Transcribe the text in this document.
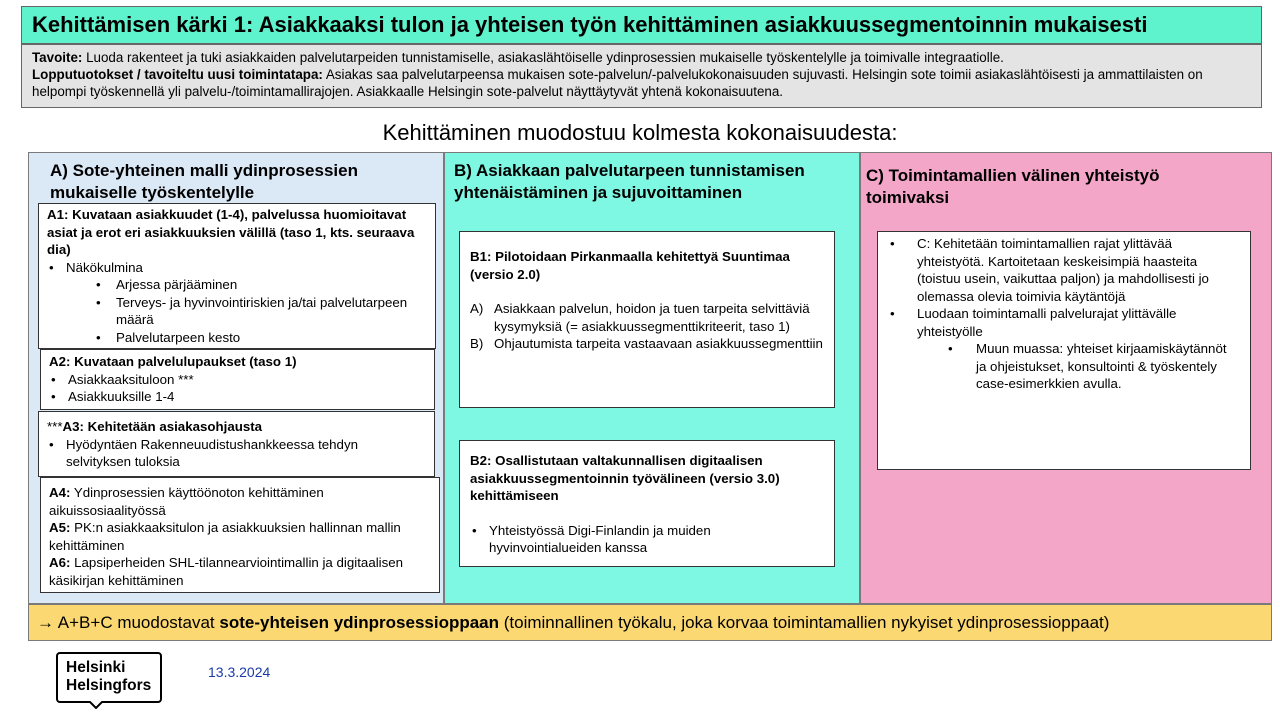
Kehittämisen kärki 1: Asiakkaaksi tulon ja yhteisen työn kehittäminen asiakkuussegmentoinnin mukaisesti
Tavoite: Luoda rakenteet ja tuki asiakkaiden palvelutarpeiden tunnistamiselle, asiakaslähtöiselle ydinprosessien mukaiselle työskentelylle ja toimivalle integraatiolle.
Lopputuotokset / tavoiteltu uusi toimintatapa: Asiakas saa palvelutarpeensa mukaisen sote-palvelun/-palvelukokonaisuuden sujuvasti. Helsingin sote toimii asiakaslähtöisesti ja ammattilaisten on helpompi työskennellä yli palvelu-/toimintamallirajojen. Asiakkaalle Helsingin sote-palvelut näyttäytyvät yhtenä kokonaisuutena.
Kehittäminen muodostuu kolmesta kokonaisuudesta:
A) Sote-yhteinen malli ydinprosessien mukaiselle työskentelylle
A1: Kuvataan asiakkuudet (1-4), palvelussa huomioitavat asiat ja erot eri asiakkuuksien välillä (taso 1, kts. seuraava dia)
• Näkökulmina
• Arjessa pärjääminen
• Terveys- ja hyvinvointiriskien ja/tai palvelutarpeen määrä
• Palvelutarpeen kesto
A2: Kuvataan palvelulupaukset (taso 1)
• Asiakkaaksituloon ***
• Asiakkuuksille 1-4
***A3: Kehitetään asiakasohjausta
• Hyödyntäen Rakenneuudistushankkeessa tehdyn selvityksen tuloksia
A4: Ydinprosessien käyttöönoton kehittäminen aikuissosiaalityössä
A5: PK:n asiakkaaksitulon ja asiakkuuksien hallinnan mallin kehittäminen
A6: Lapsiperheiden SHL-tilannearviointimallin ja digitaalisen käsikirjan kehittäminen
B) Asiakkaan palvelutarpeen tunnistamisen yhtenäistäminen ja sujuvoittaminen
B1: Pilotoidaan Pirkanmaalla kehitettyä Suuntimaa (versio 2.0)
A) Asiakkaan palvelun, hoidon ja tuen tarpeita selvittäviä kysymyksiä (= asiakkuussegmenttikriteerit, taso 1)
B) Ohjautumista tarpeita vastaavaan asiakkuussegmenttiin
B2: Osallistutaan valtakunnallisen digitaalisen asiakkuussegmentoinnin työvälineen (versio 3.0) kehittämiseen
• Yhteistyössä Digi-Finlandin ja muiden hyvinvointialueiden kanssa
C) Toimintamallien välinen yhteistyö toimivaksi
• C: Kehitetään toimintamallien rajat ylittävää yhteistyötä. Kartoitetaan keskeisimpiä haasteita (toistuu usein, vaikuttaa paljon) ja mahdollisesti jo olemassa olevia toimivia käytäntöjä
• Luodaan toimintamalli palvelurajat ylittävälle yhteistyölle
• Muun muassa: yhteiset kirjaamiskäytännöt ja ohjeistukset, konsultointi & työskentely case-esimerkkien avulla.
→ A+B+C muodostavat sote-yhteisen ydinprosessioppaan (toiminnallinen työkalu, joka korvaa toimintamallien nykyiset ydinprosessioppaat)
Helsinki
Helsingfors
13.3.2024
